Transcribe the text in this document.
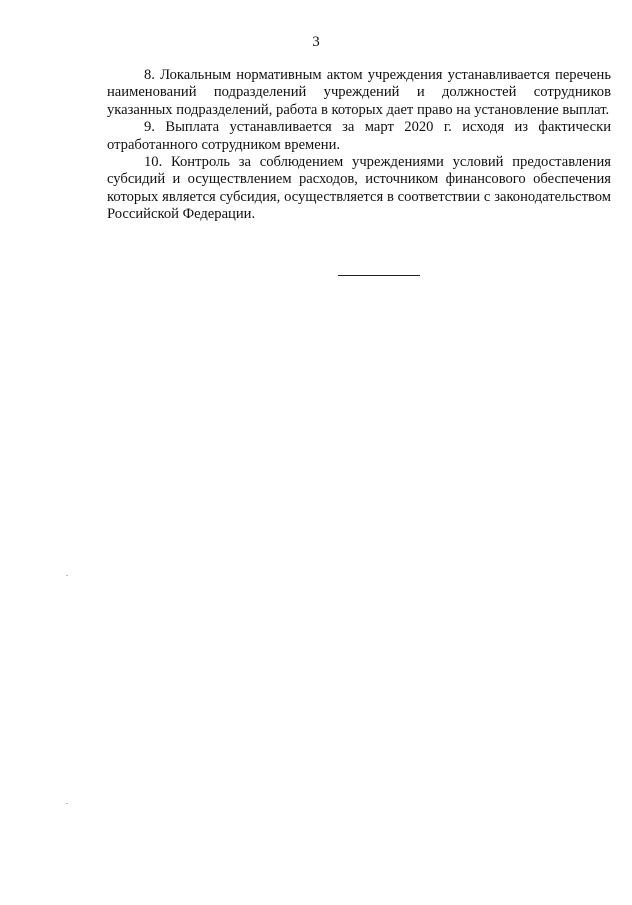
3

8. Локальным нормативным актом учреждения устанавливается перечень наименований подразделений учреждений и должностей сотрудников указанных подразделений, работа в которых дает право на установление выплат.

9. Выплата устанавливается за март 2020 г. исходя из фактически отработанного сотрудником времени.

10. Контроль за соблюдением учреждениями условий предоставления субсидий и осуществлением расходов, источником финансового обеспечения которых является субсидия, осуществляется в соответствии с законодательством Российской Федерации.
